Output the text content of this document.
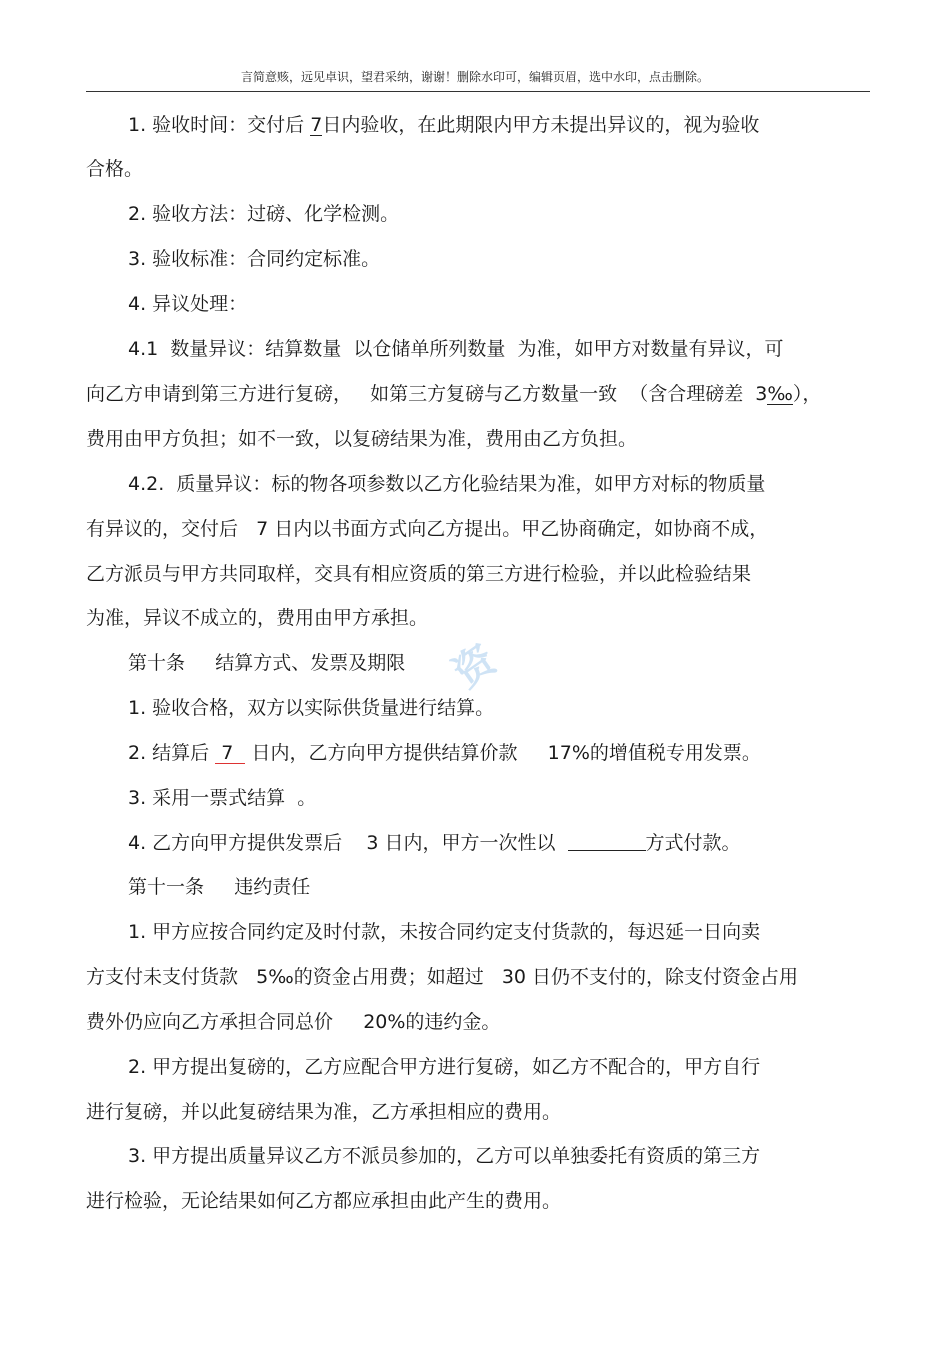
言简意赅，远见卓识，望君采纳，谢谢！删除水印可，编辑页眉，选中水印，点击删除。
资
1. 验收时间：交付后 7日内验收，在此期限内甲方未提出异议的，视为验收
合格。
2. 验收方法：过磅、化学检测。
3. 验收标准：合同约定标准。
4. 异议处理：
4.1  数量异议：结算数量  以仓储单所列数量  为准，如甲方对数量有异议，可
向乙方申请到第三方进行复磅，   如第三方复磅与乙方数量一致  （含合理磅差  3‰），
费用由甲方负担；如不一致，以复磅结果为准，费用由乙方负担。
4.2.  质量异议：标的物各项参数以乙方化验结果为准，如甲方对标的物质量
有异议的，交付后   7 日内以书面方式向乙方提出。甲乙协商确定，如协商不成，
乙方派员与甲方共同取样，交具有相应资质的第三方进行检验，并以此检验结果
为准，异议不成立的，费用由甲方承担。
第十条     结算方式、发票及期限
1. 验收合格，双方以实际供货量进行结算。
2. 结算后  7   日内，乙方向甲方提供结算价款     17%的增值税专用发票。
3. 采用一票式结算  。
4. 乙方向甲方提供发票后    3 日内，甲方一次性以	方式付款。
第十一条     违约责任
1. 甲方应按合同约定及时付款，未按合同约定支付货款的，每迟延一日向卖
方支付未支付货款   5‰的资金占用费；如超过   30 日仍不支付的，除支付资金占用
费外仍应向乙方承担合同总价     20%的违约金。
2. 甲方提出复磅的，乙方应配合甲方进行复磅，如乙方不配合的，甲方自行
进行复磅，并以此复磅结果为准，乙方承担相应的费用。
3. 甲方提出质量异议乙方不派员参加的，乙方可以单独委托有资质的第三方
进行检验，无论结果如何乙方都应承担由此产生的费用。
